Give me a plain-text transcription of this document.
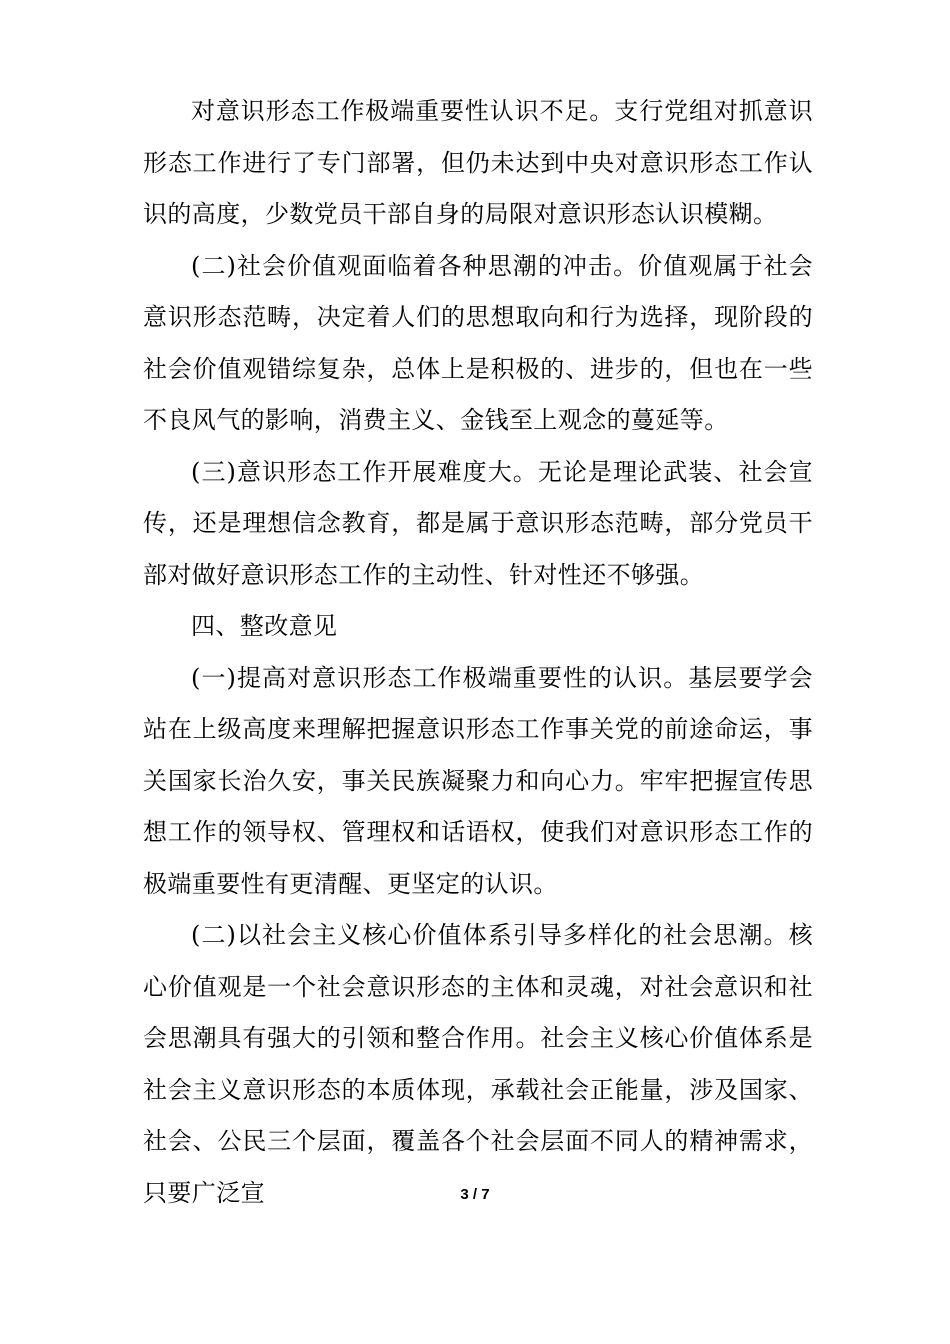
对意识形态工作极端重要性认识不足。支行党组对抓意识形态工作进行了专门部署，但仍未达到中央对意识形态工作认识的高度，少数党员干部自身的局限对意识形态认识模糊。

(二)社会价值观面临着各种思潮的冲击。价值观属于社会意识形态范畴，决定着人们的思想取向和行为选择，现阶段的社会价值观错综复杂，总体上是积极的、进步的，但也在一些不良风气的影响，消费主义、金钱至上观念的蔓延等。

(三)意识形态工作开展难度大。无论是理论武装、社会宣传，还是理想信念教育，都是属于意识形态范畴，部分党员干部对做好意识形态工作的主动性、针对性还不够强。

四、整改意见

(一)提高对意识形态工作极端重要性的认识。基层要学会站在上级高度来理解把握意识形态工作事关党的前途命运，事关国家长治久安，事关民族凝聚力和向心力。牢牢把握宣传思想工作的领导权、管理权和话语权，使我们对意识形态工作的极端重要性有更清醒、更坚定的认识。

(二)以社会主义核心价值体系引导多样化的社会思潮。核心价值观是一个社会意识形态的主体和灵魂，对社会意识和社会思潮具有强大的引领和整合作用。社会主义核心价值体系是社会主义意识形态的本质体现，承载社会正能量，涉及国家、社会、公民三个层面，覆盖各个社会层面不同人的精神需求，只要广泛宣	3 / 7
